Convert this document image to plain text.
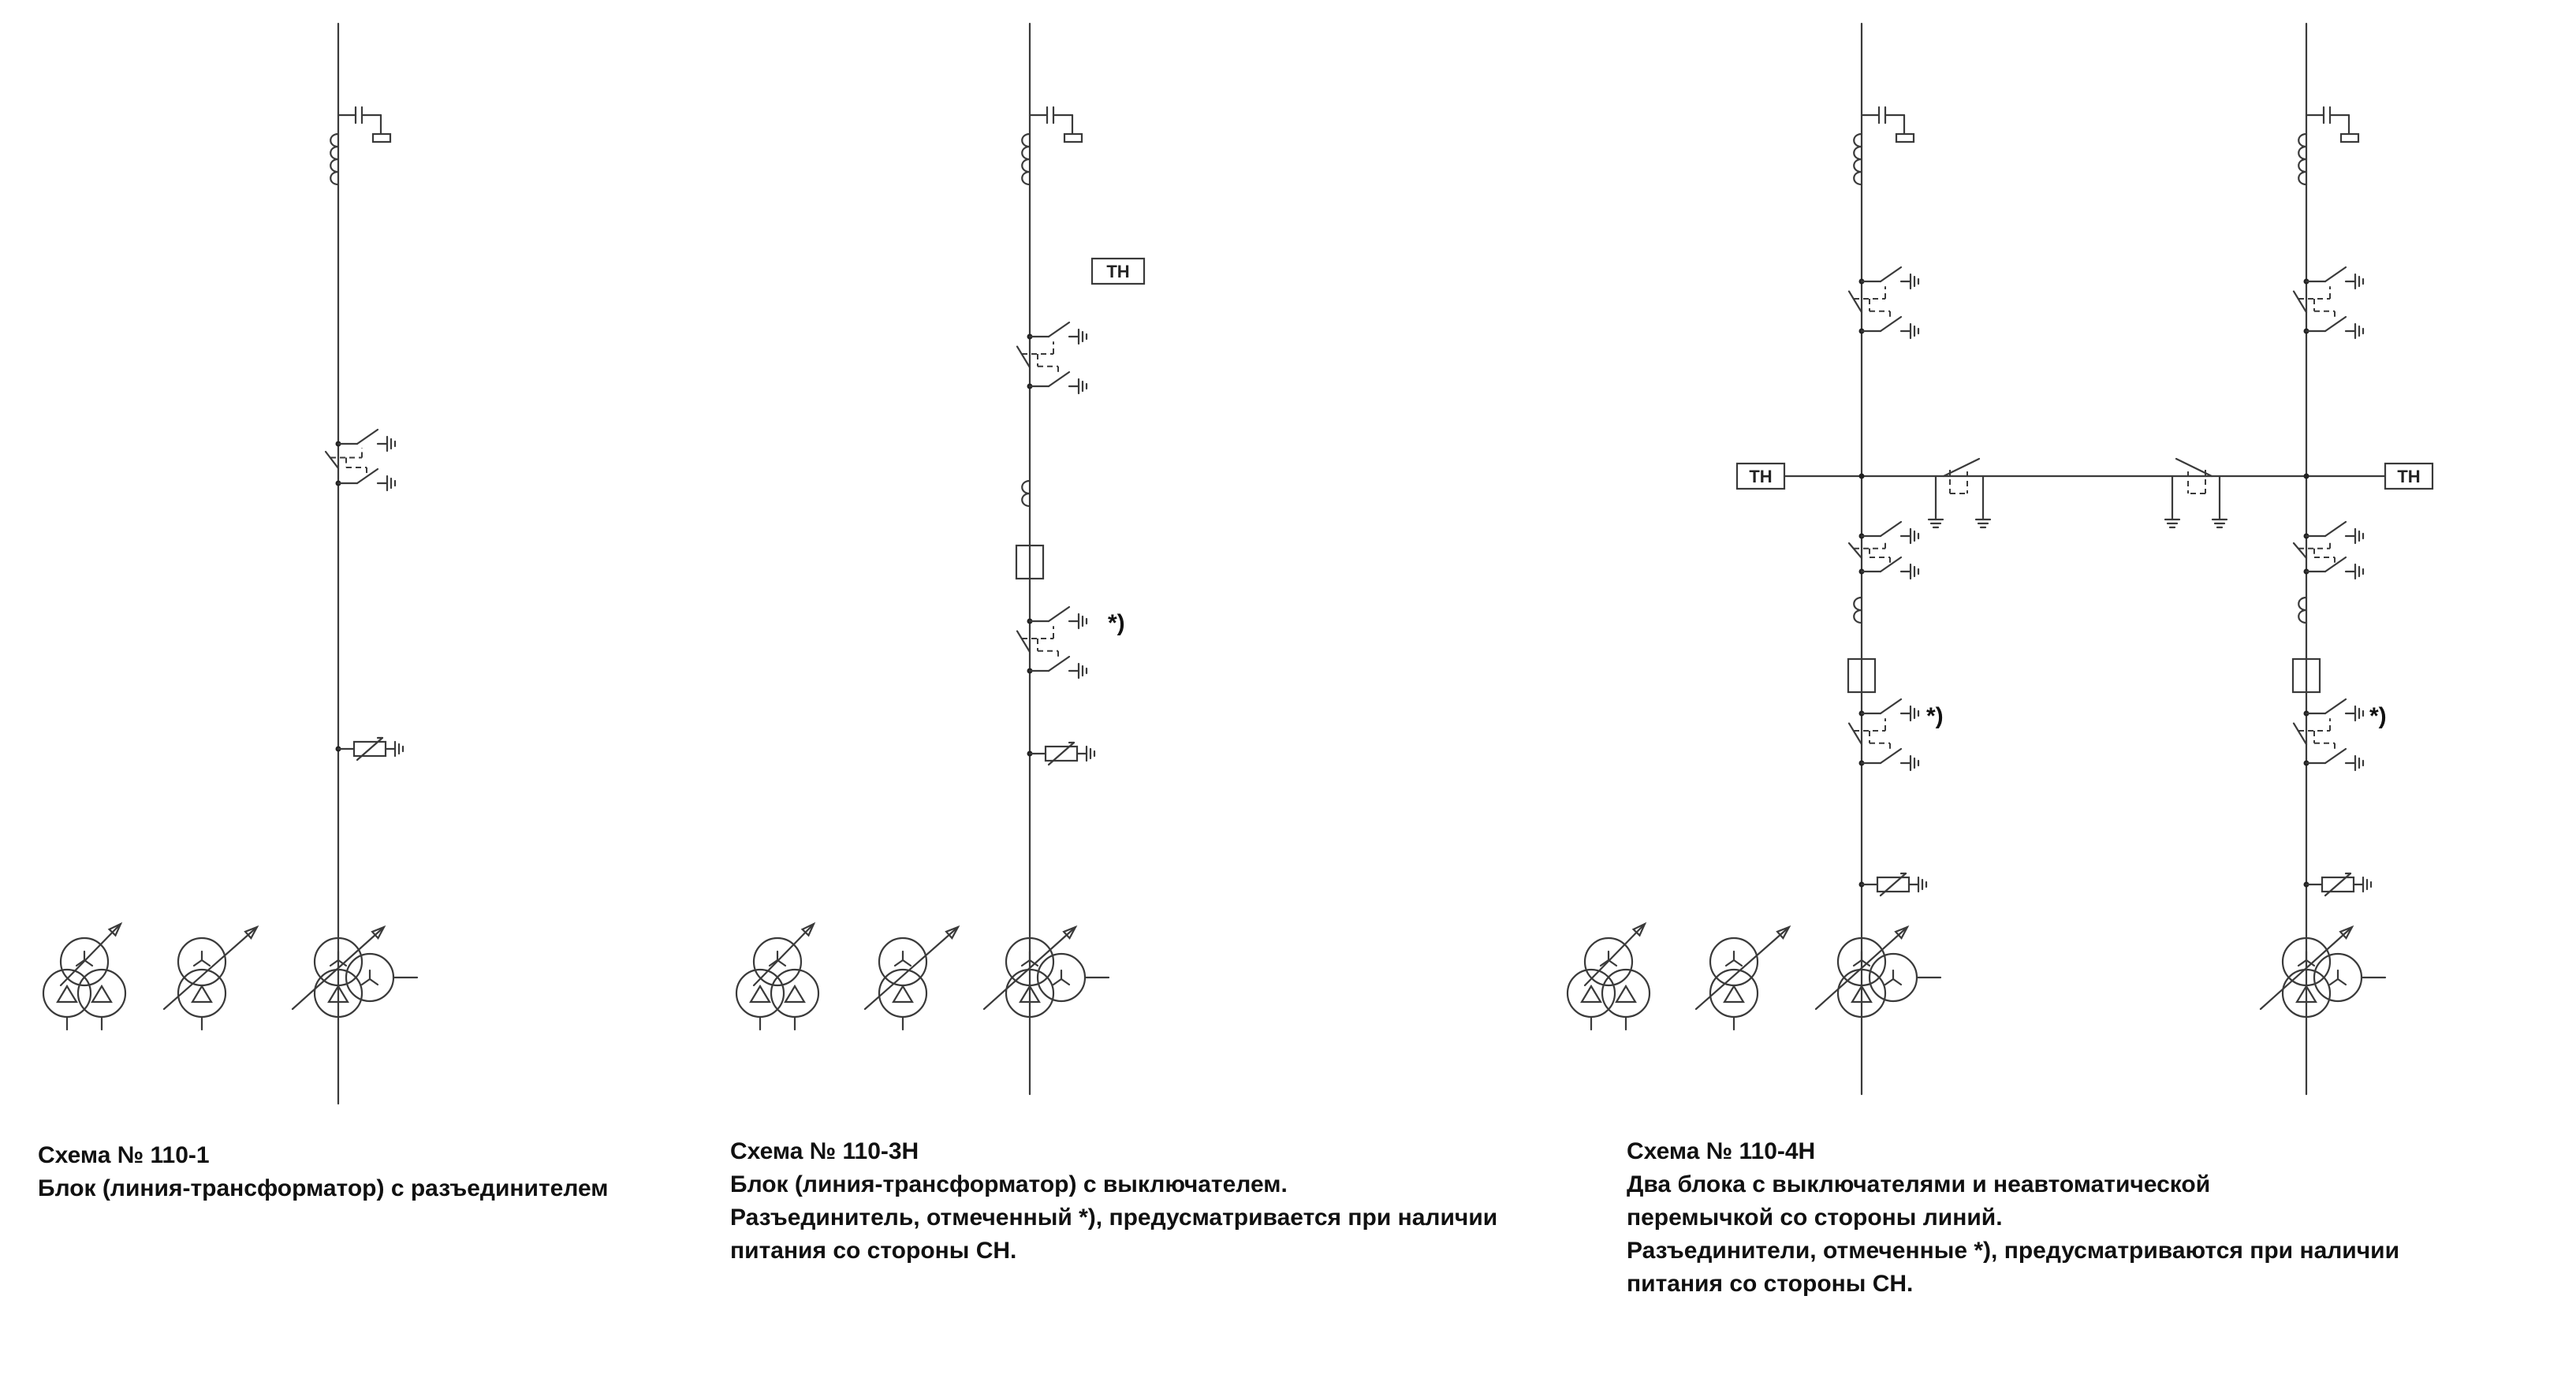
ТН
*)
ТН	ТН
*)	*)
Схема № 110-1
Блок (линия-трансформатор) с разъединителем
Схема № 110-3Н
Блок (линия-трансформатор) с выключателем.
Разъединитель, отмеченный *), предусматривается при наличии
питания со стороны СН.
Схема № 110-4Н
Два блока с выключателями и неавтоматической
перемычкой со стороны линий.
Разъединители, отмеченные *), предусматриваются при наличии
питания со стороны СН.
